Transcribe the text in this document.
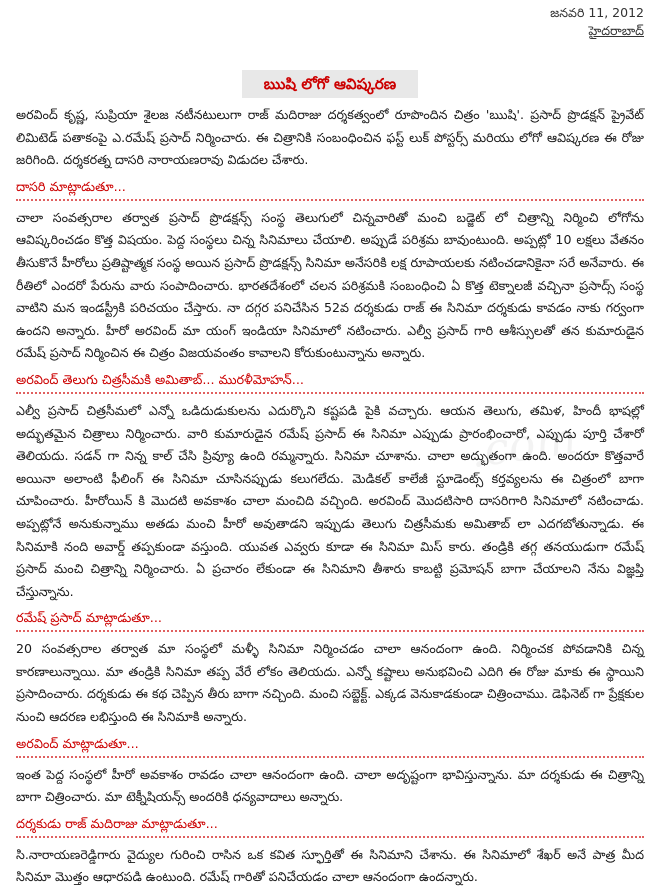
జనవరి 11, 2012
హైదరాబాద్
ఋషి లోగో ఆవిష్కరణ
.com

అరవింద్ కృష్ణ, సుప్రియా శైలజ నటీనటులుగా రాజ్ మదిరాజు దర్శకత్వంలో రూపొందిన చిత్రం 'ఋషి'. ప్రసాద్ ప్రొడక్షన్ ప్రైవేట్ లిమిటెడ్ పతాకంపై ఎ.రమేష్ ప్రసాద్ నిర్మించారు. ఈ చిత్రానికి సంబంధించిన ఫస్ట్ లుక్ పోస్టర్స్ మరియు లోగో ఆవిష్కరణ ఈ రోజు జరిగింది. దర్శకరత్న దాసరి నారాయణరావు విడుదల చేశారు.

దాసరి మాట్లాడుతూ...

చాలా సంవత్సరాల తర్వాత ప్రసాద్ ప్రొడక్షన్స్ సంస్థ తెలుగులో చిన్నవారితో మంచి బడ్జెట్ లో చిత్రాన్ని నిర్మించి లోగోను ఆవిష్కరించడం కొత్త విషయం. పెద్ద సంస్థలు చిన్న సినిమాలు చేయాలి. అప్పుడే పరిశ్రమ బావుంటుంది. అప్పట్లో 10 లక్షలు వేతనం తీసుకొనే హీరోలు ప్రతిష్టాత్మక సంస్థ అయిన ప్రసాద్ ప్రొడక్షన్స్ సినిమా అనేసరికి లక్ష రూపాయలకు నటించడానికైనా సరే అనేవారు. ఈ రీతిలో ఎందరో పేరును వారు సంపాదించారు. భారతదేశంలో చలన పరిశ్రమకి సంబంధించి ఏ కొత్త టెక్నాలజీ వచ్చినా ప్రసాద్స్ సంస్థ వాటిని మన ఇండస్ట్రీకి పరిచయం చేస్తారు. నా దగ్గర పనిచేసిన 52వ దర్శకుడు రాజ్ ఈ సినిమా దర్శకుడు కావడం నాకు గర్వంగా ఉందని అన్నారు. హీరో అరవింద్ మా యంగ్ ఇండియా సినిమాలో నటించారు. ఎల్వీ ప్రసాద్ గారి ఆశీస్సులతో తన కుమారుడైన రమేష్ ప్రసాద్ నిర్మించిన ఈ చిత్రం విజయవంతం కావాలని కోరుకుంటున్నాను అన్నారు.

అరవింద్ తెలుగు చిత్రసీమకి అమితాబ్... మురళీమోహన్...

ఎల్వీ ప్రసాద్ చిత్రసీమలో ఎన్నో ఒడిదుడుకులను ఎదుర్కొని కష్టపడి పైకి వచ్చారు. ఆయన తెలుగు, తమిళ, హిందీ భాషల్లో అద్భుతమైన చిత్రాలు నిర్మించారు. వారి కుమారుడైన రమేష్ ప్రసాద్ ఈ సినిమా ఎప్పుడు ప్రారంభించారో, ఎప్పుడు పూర్తి చేశారో తెలియదు. సడన్ గా నిన్న కాల్ చేసి ప్రివ్యూ ఉంది రమ్మన్నారు. సినిమా చూశాను. చాలా అద్భుతంగా ఉంది. అందరూ కొత్తవారే అయినా అలాంటి ఫీలింగ్ ఈ సినిమా చూసినప్పుడు కలుగలేదు. మెడికల్ కాలేజీ స్టూడెంట్స్ కర్తవ్యలను ఈ చిత్రంలో బాగా చూపించారు. హీరోయిన్ కి మొదటి అవకాశం చాలా మంచిది వచ్చింది. అరవింద్ మొదటిసారి దాసరిగారి సినిమాలో నటించాడు. అప్పట్లోనే అనుకున్నాము అతడు మంచి హీరో అవుతాడని ఇప్పుడు తెలుగు చిత్రసీమకు అమితాబ్ లా ఎదగబోతున్నాడు. ఈ సినిమాకి నంది అవార్డ్ తప్పకుండా వస్తుంది. యువత ఎవ్వరు కూడా ఈ సినిమా మిస్ కారు. తండ్రికి తగ్గ తనయుడుగా రమేష్ ప్రసాద్ మంచి చిత్రాన్ని నిర్మించారు. ఏ ప్రచారం లేకుండా ఈ సినిమాని తీశారు కాబట్టి ప్రమోషన్ బాగా చేయాలని నేను విజ్ఞప్తి చేస్తున్నాను.

రమేష్ ప్రసాద్ మాట్లాడుతూ...

20 సంవత్సరాల తర్వాత మా సంస్థలో మళ్ళీ సినిమా నిర్మించడం చాలా ఆనందంగా ఉంది. నిర్మించక పోవడానికి చిన్న కారణాలున్నాయి. మా తండ్రికి సినిమా తప్ప వేరే లోకం తెలియదు. ఎన్నో కష్టాలు అనుభవించి ఎదిగి ఈ రోజు మాకు ఈ స్థాయిని ప్రసాదించారు. దర్శకుడు ఈ కథ చెప్పిన తీరు బాగా నచ్చింది. మంచి సబ్జెక్ట్. ఎక్కడ వెనుకాడకుండా చిత్రించాము. డెఫినెట్ గా ప్రేక్షకుల నుంచి ఆదరణ లభిస్తుంది ఈ సినిమాకి అన్నారు.

అరవింద్ మాట్లాడుతూ...

ఇంత పెద్ద సంస్థలో హీరో అవకాశం రావడం చాలా ఆనందంగా ఉంది. చాలా అదృష్టంగా భావిస్తున్నాను. మా దర్శకుడు ఈ చిత్రాన్ని బాగా చిత్రించారు. మా టెక్నీషియన్స్ అందరికి ధన్యవాదాలు అన్నారు.

దర్శకుడు రాజ్ మదిరాజు మాట్లాడుతూ...

సి.నారాయణరెడ్డిగారు వైద్యుల గురించి రాసిన ఒక కవిత స్ఫూర్తితో ఈ సినిమాని చేశాను. ఈ సినిమాలో శేఖర్ అనే పాత్ర మీద సినిమా మొత్తం ఆధారపడి ఉంటుంది. రమేష్ గారితో పనిచేయడం చాలా ఆనందంగా ఉందన్నారు.
